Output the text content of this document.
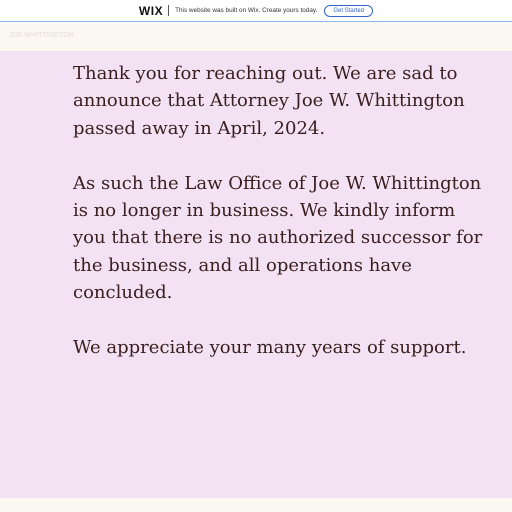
WIX This website was built on Wix. Create yours today.	Get Started
JOE WHITTINGTON

Thank you for reaching out. We are sad to announce that Attorney Joe W. Whittington passed away in April, 2024.

As such the Law Office of Joe W. Whittington is no longer in business. We kindly inform you that there is no authorized successor for the business, and all operations have concluded.

We appreciate your many years of support.
